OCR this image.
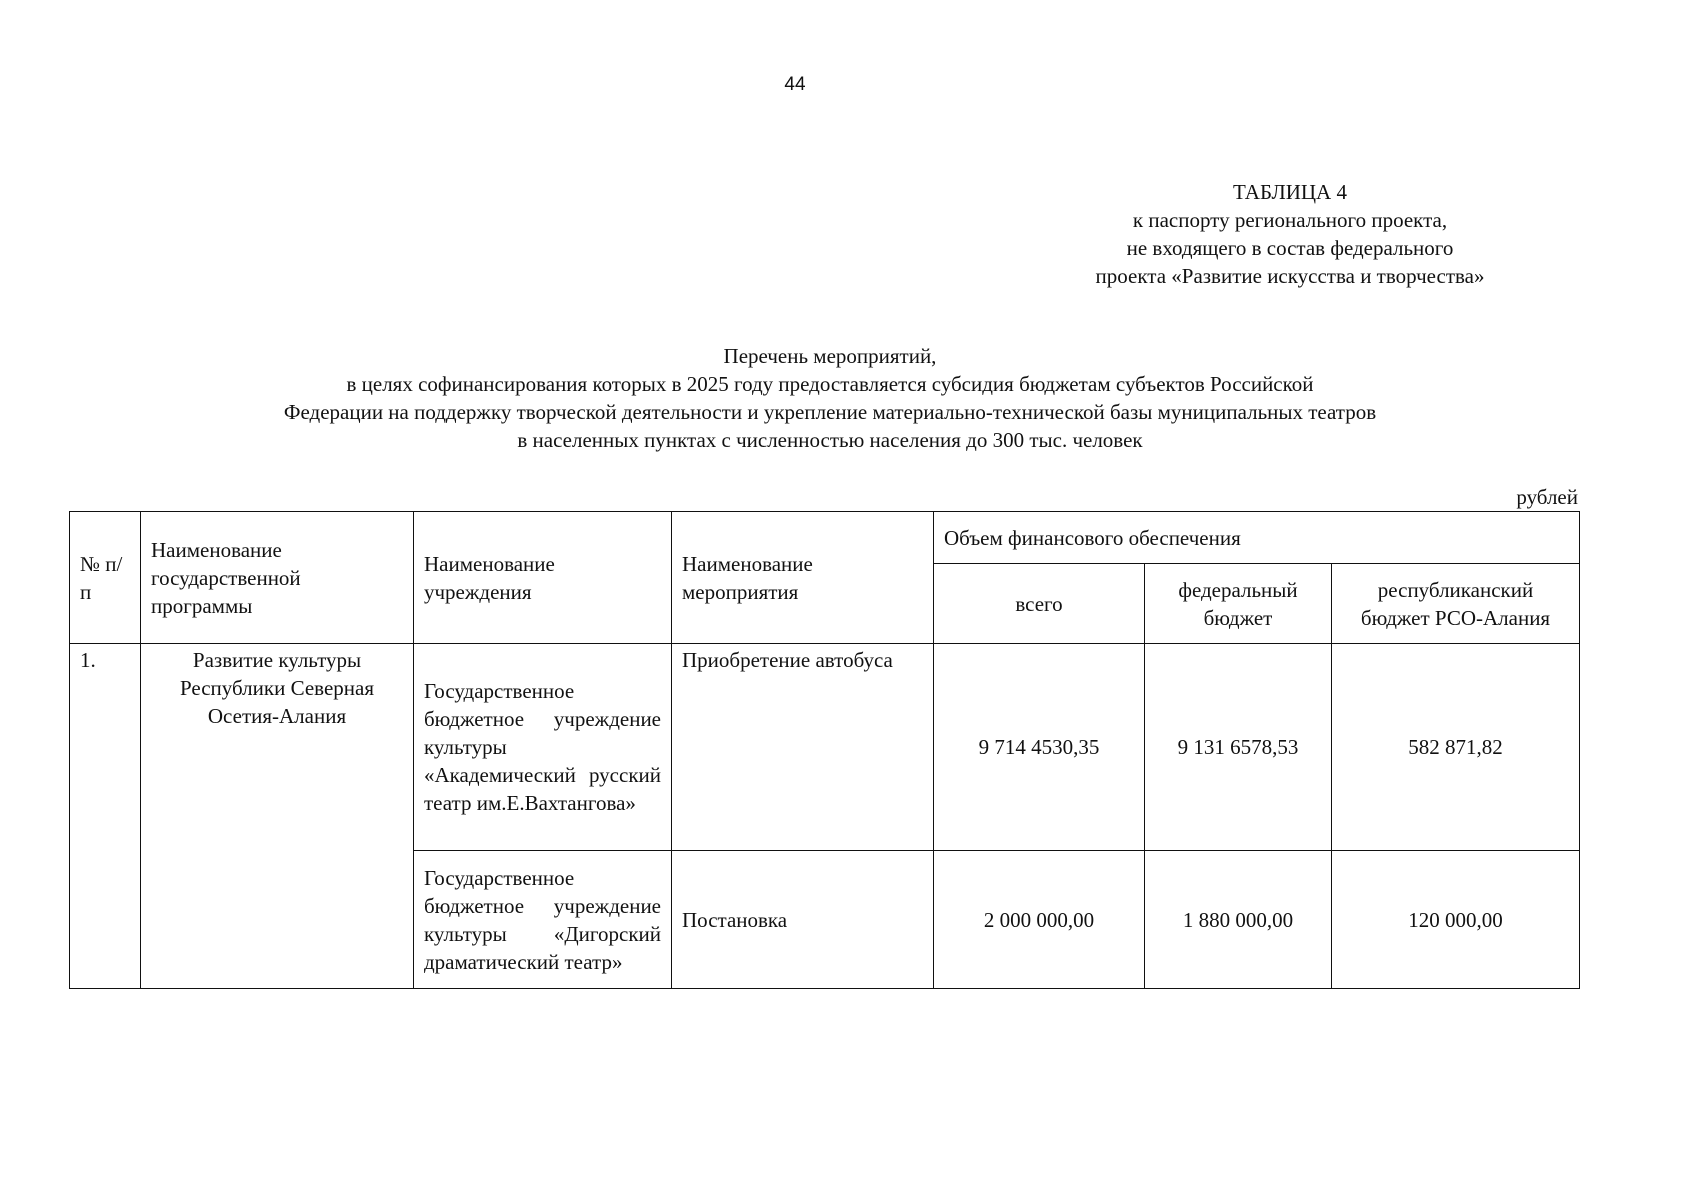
44
ТАБЛИЦА 4
к паспорту регионального проекта,
не входящего в состав федерального
проекта «Развитие искусства и творчества»
Перечень мероприятий,
в целях софинансирования которых в 2025 году предоставляется субсидия бюджетам субъектов Российской
Федерации на поддержку творческой деятельности и укрепление материально-технической базы муниципальных театров
в населенных пунктах с численностью населения до 300 тыс. человек
рублей
№ п/п	Наименование государственной программы	Наименование учреждения	Наименование мероприятия	Объем финансового обеспечения		
				всего	федеральный бюджет	республиканский бюджет РСО-Алания
1.	Развитие культуры Республики Северная Осетия-Алания	Государственное бюджетное учреждение культуры «Академический русский театр им.Е.Вахтангова»	Приобретение автобуса	9 714 4530,35	9 131 6578,53	582 871,82
		Государственное бюджетное учреждение культуры «Дигорский драматический театр»	Постановка	2 000 000,00	1 880 000,00	120 000,00
